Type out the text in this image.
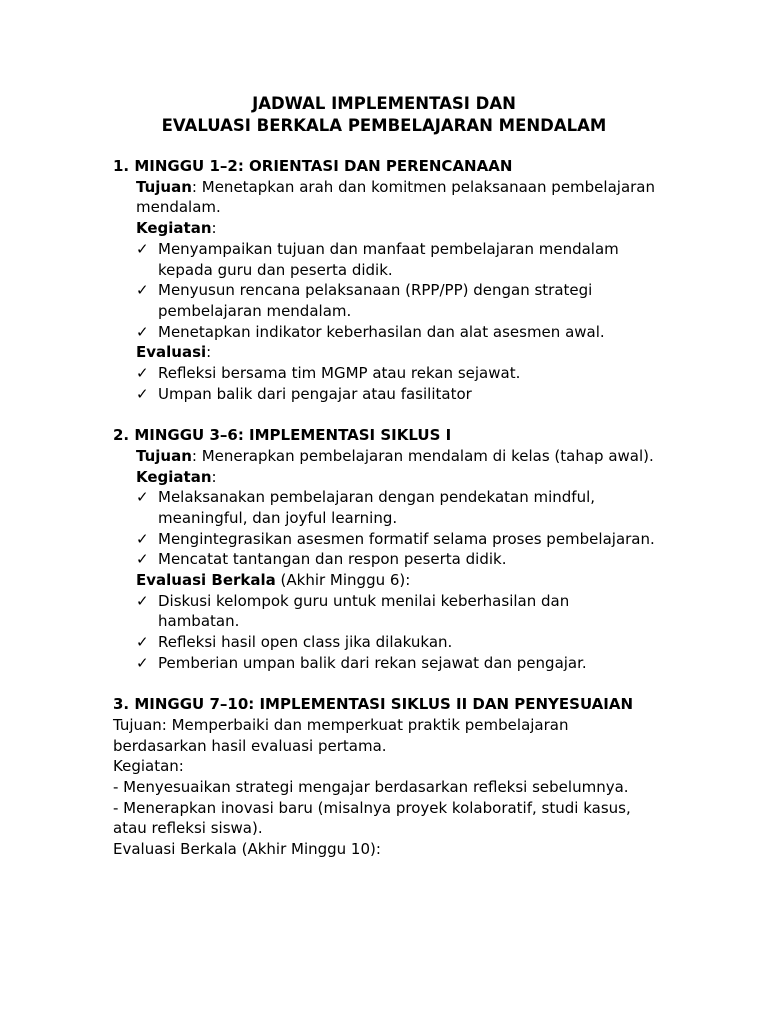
JADWAL IMPLEMENTASI DAN

EVALUASI BERKALA PEMBELAJARAN MENDALAM

1. MINGGU 1–2: ORIENTASI DAN PERENCANAAN

Tujuan: Menetapkan arah dan komitmen pelaksanaan pembelajaran mendalam.

Kegiatan:

✓ Menyampaikan tujuan dan manfaat pembelajaran mendalam kepada guru dan peserta didik.
✓ Menyusun rencana pelaksanaan (RPP/PP) dengan strategi pembelajaran mendalam.
✓ Menetapkan indikator keberhasilan dan alat asesmen awal.

Evaluasi:

✓ Refleksi bersama tim MGMP atau rekan sejawat.
✓ Umpan balik dari pengajar atau fasilitator

2. MINGGU 3–6: IMPLEMENTASI SIKLUS I

Tujuan: Menerapkan pembelajaran mendalam di kelas (tahap awal).

Kegiatan:

✓ Melaksanakan pembelajaran dengan pendekatan mindful, meaningful, dan joyful learning.
✓ Mengintegrasikan asesmen formatif selama proses pembelajaran.
✓ Mencatat tantangan dan respon peserta didik.

Evaluasi Berkala (Akhir Minggu 6):

✓ Diskusi kelompok guru untuk menilai keberhasilan dan hambatan.
✓ Refleksi hasil open class jika dilakukan.
✓ Pemberian umpan balik dari rekan sejawat dan pengajar.

3. MINGGU 7–10: IMPLEMENTASI SIKLUS II DAN PENYESUAIAN

Tujuan: Memperbaiki dan memperkuat praktik pembelajaran berdasarkan hasil evaluasi pertama.

Kegiatan:

- Menyesuaikan strategi mengajar berdasarkan refleksi sebelumnya.

- Menerapkan inovasi baru (misalnya proyek kolaboratif, studi kasus, atau refleksi siswa).

Evaluasi Berkala (Akhir Minggu 10):
